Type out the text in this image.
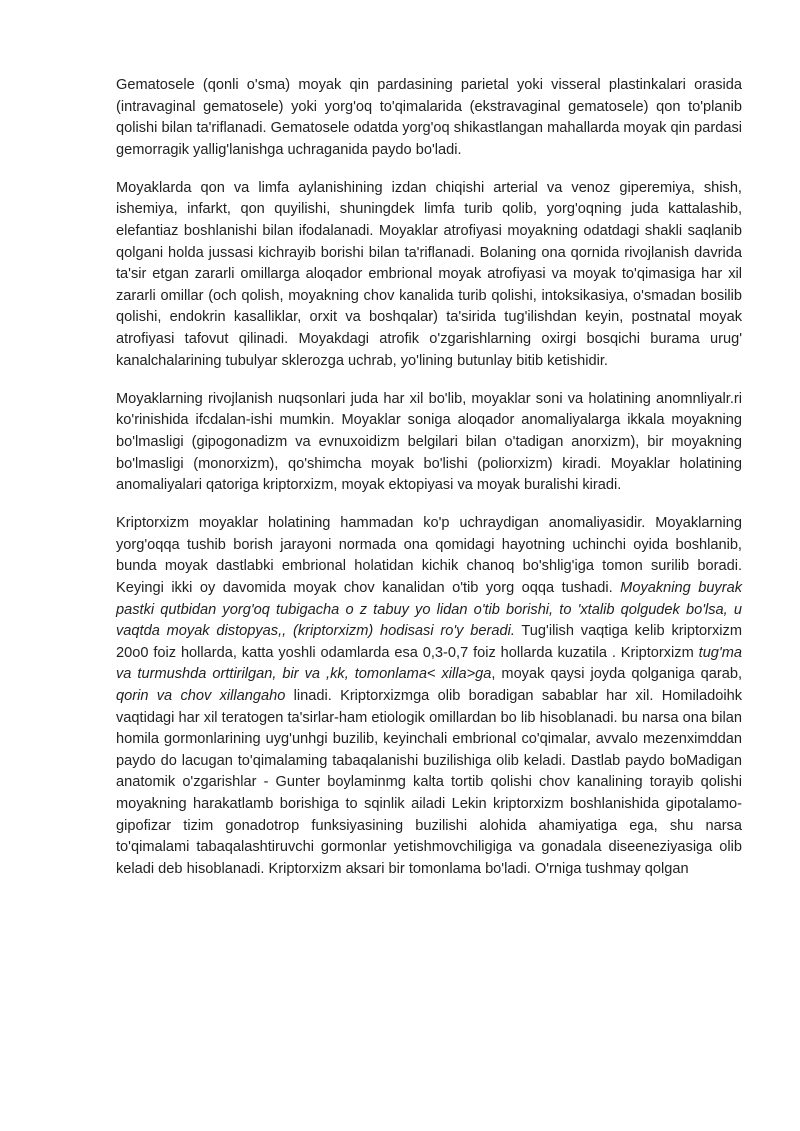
Gematosele (qonli o'sma) moyak qin pardasining parietal yoki visseral plastinkalari orasida (intravaginal gematosele) yoki yorg'oq to'qimalarida (ekstravaginal gematosele) qon to'planib qolishi bilan ta'riflanadi. Gematosele odatda yorg'oq shikastlangan mahallarda moyak qin pardasi gemorragik yallig'lanishga uchraganida paydo bo'ladi.

Moyaklarda qon va limfa aylanishining izdan chiqishi arterial va venoz giperemiya, shish, ishemiya, infarkt, qon quyilishi, shuningdek limfa turib qolib, yorg'oqning juda kattalashib, elefantiaz boshlanishi bilan ifodalanadi. Moyaklar atrofiyasi moyakning odatdagi shakli saqlanib qolgani holda jussasi kichrayib borishi bilan ta'riflanadi. Bolaning ona qornida rivojlanish davrida ta'sir etgan zararli omillarga aloqador embrional moyak atrofiyasi va moyak to'qimasiga har xil zararli omillar (och qolish, moyakning chov kanalida turib qolishi, intoksikasiya, o'smadan bosilib qolishi, endokrin kasalliklar, orxit va boshqalar) ta'sirida tug'ilishdan keyin, postnatal moyak atrofiyasi tafovut qilinadi. Moyakdagi atrofik o'zgarishlarning oxirgi bosqichi burama urug' kanalchalarining tubulyar sklerozga uchrab, yo'lining butunlay bitib ketishidir.

Moyaklarning rivojlanish nuqsonlari juda har xil bo'lib, moyaklar soni va holatining anomnliyalr.ri ko'rinishida ifcdalan-ishi mumkin. Moyaklar soniga aloqador anomaliyalarga ikkala moyakning bo'lmasligi (gipogonadizm va evnuxoidizm belgilari bilan o'tadigan anorxizm), bir moyakning bo'lmasligi (monorxizm), qo'shimcha moyak bo'lishi (poliorxizm) kiradi. Moyaklar holatining anomaliyalari qatoriga kriptorxizm, moyak ektopiyasi va moyak buralishi kiradi.

Kriptorxizm moyaklar holatining hammadan ko'p uchraydigan anomaliyasidir. Moyaklarning yorg'oqqa tushib borish jarayoni normada ona qomidagi hayotning uchinchi oyida boshlanib, bunda moyak dastlabki embrional holatidan kichik chanoq bo'shlig'iga tomon surilib boradi. Keyingi ikki oy davomida moyak chov kanalidan o'tib yorg oqqa tushadi. Moyakning buyrak pastki qutbidan yorg'oq tubigacha o z tabuy yo lidan o'tib borishi, to 'xtalib qolgudek bo'lsa, u vaqtda moyak distopyas,, (kriptorxizm) hodisasi ro'y beradi. Tug'ilish vaqtiga kelib kriptorxizm 20o0 foiz hollarda, katta yoshli odamlarda esa 0,3-0,7 foiz hollarda kuzatila . Kriptorxizm tug'ma va turmushda orttirilgan, bir va ,kk, tomonlama< xilla>ga, moyak qaysi joyda qolganiga qarab, qorin va chov xillangaho linadi. Kriptorxizmga olib boradigan sabablar har xil. Homiladoihk vaqtidagi har xil teratogen ta'sirlar-ham etiologik omillardan bo lib hisoblanadi. bu narsa ona bilan homila gormonlarining uyg'unhgi buzilib, keyinchali embrional co'qimalar, avvalo mezenximddan paydo do lacugan to'qimalaming tabaqalanishi buzilishiga olib keladi. Dastlab paydo boMadigan anatomik o'zgarishlar - Gunter boylaminmg kalta tortib qolishi chov kanalining torayib qolishi moyakning harakatlamb borishiga to sqinlik ailadi Lekin kriptorxizm boshlanishida gipotalamo-gipofizar tizim gonadotrop funksiyasining buzilishi alohida ahamiyatiga ega, shu narsa to'qimalami tabaqalashtiruvchi gormonlar yetishmovchiligiga va gonadala diseeneziyasiga olib keladi deb hisoblanadi. Kriptorxizm aksari bir tomonlama bo'ladi. O'rniga tushmay qolgan
